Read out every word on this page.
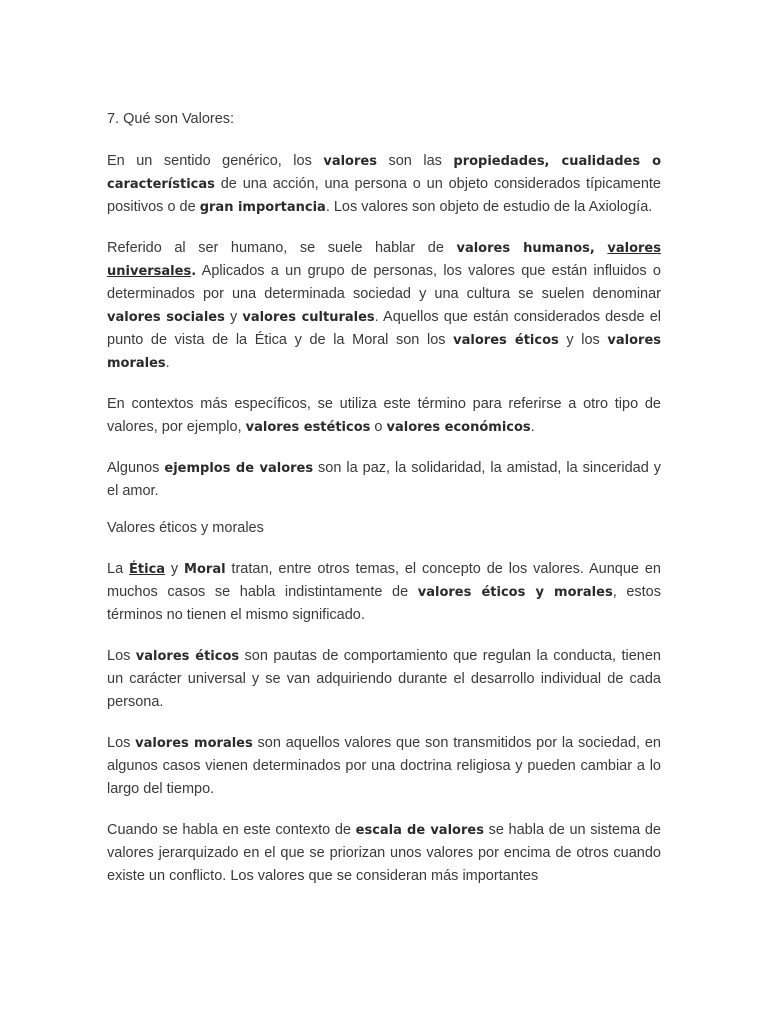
7. Qué son Valores:

En un sentido genérico, los valores son las propiedades, cualidades o características de una acción, una persona o un objeto considerados típicamente positivos o de gran importancia. Los valores son objeto de estudio de la Axiología.

Referido al ser humano, se suele hablar de valores humanos, valores universales. Aplicados a un grupo de personas, los valores que están influidos o determinados por una determinada sociedad y una cultura se suelen denominar valores sociales y valores culturales. Aquellos que están considerados desde el punto de vista de la Ética y de la Moral son los valores éticos y los valores morales.

En contextos más específicos, se utiliza este término para referirse a otro tipo de valores, por ejemplo, valores estéticos o valores económicos.

Algunos ejemplos de valores son la paz, la solidaridad, la amistad, la sinceridad y el amor.

Valores éticos y morales

La Ética y Moral tratan, entre otros temas, el concepto de los valores. Aunque en muchos casos se habla indistintamente de valores éticos y morales, estos términos no tienen el mismo significado.

Los valores éticos son pautas de comportamiento que regulan la conducta, tienen un carácter universal y se van adquiriendo durante el desarrollo individual de cada persona.

Los valores morales son aquellos valores que son transmitidos por la sociedad, en algunos casos vienen determinados por una doctrina religiosa y pueden cambiar a lo largo del tiempo.

Cuando se habla en este contexto de escala de valores se habla de un sistema de valores jerarquizado en el que se priorizan unos valores por encima de otros cuando existe un conflicto. Los valores que se consideran más importantes
